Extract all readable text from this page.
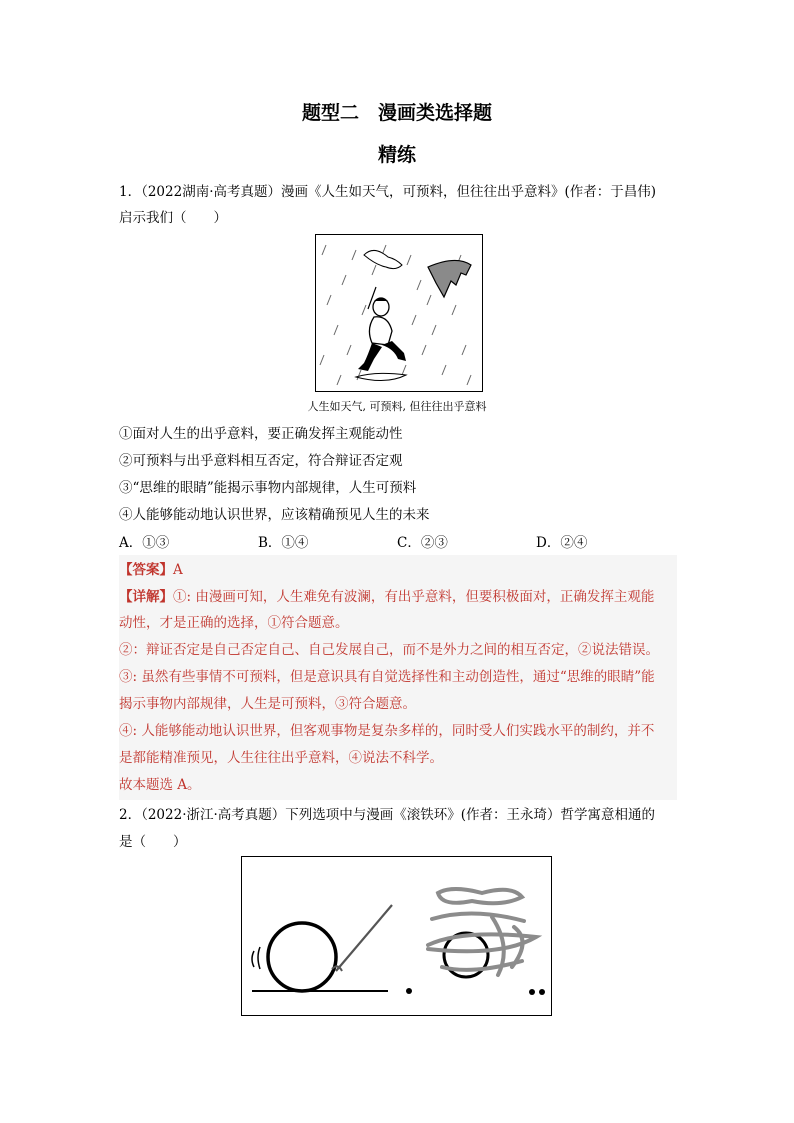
题型二　漫画类选择题
精练
1．（2022湖南·高考真题）漫画《人生如天气，可预料，但往往出乎意料》(作者：于昌伟)
启示我们（　　）
人生如天气, 可预料, 但往往出乎意料
①面对人生的出乎意料，要正确发挥主观能动性
②可预料与出乎意料相互否定，符合辩证否定观
③“思维的眼睛”能揭示事物内部规律，人生可预料
④人能够能动地认识世界，应该精确预见人生的未来
A．①③	B．①④	C．②③	D．②④
【答案】A
【详解】①: 由漫画可知，人生难免有波澜，有出乎意料，但要积极面对，正确发挥主观能
动性，才是正确的选择，①符合题意。
②：辩证否定是自己否定自己、自己发展自己，而不是外力之间的相互否定，②说法错误。
③: 虽然有些事情不可预料，但是意识具有自觉选择性和主动创造性，通过“思维的眼睛”能
揭示事物内部规律，人生是可预料，③符合题意。
④: 人能够能动地认识世界，但客观事物是复杂多样的，同时受人们实践水平的制约，并不
是都能精准预见，人生往往出乎意料，④说法不科学。
故本题选 A。
2．（2022·浙江·高考真题）下列选项中与漫画《滚铁环》(作者：王永琦）哲学寓意相通的
是（　　）
